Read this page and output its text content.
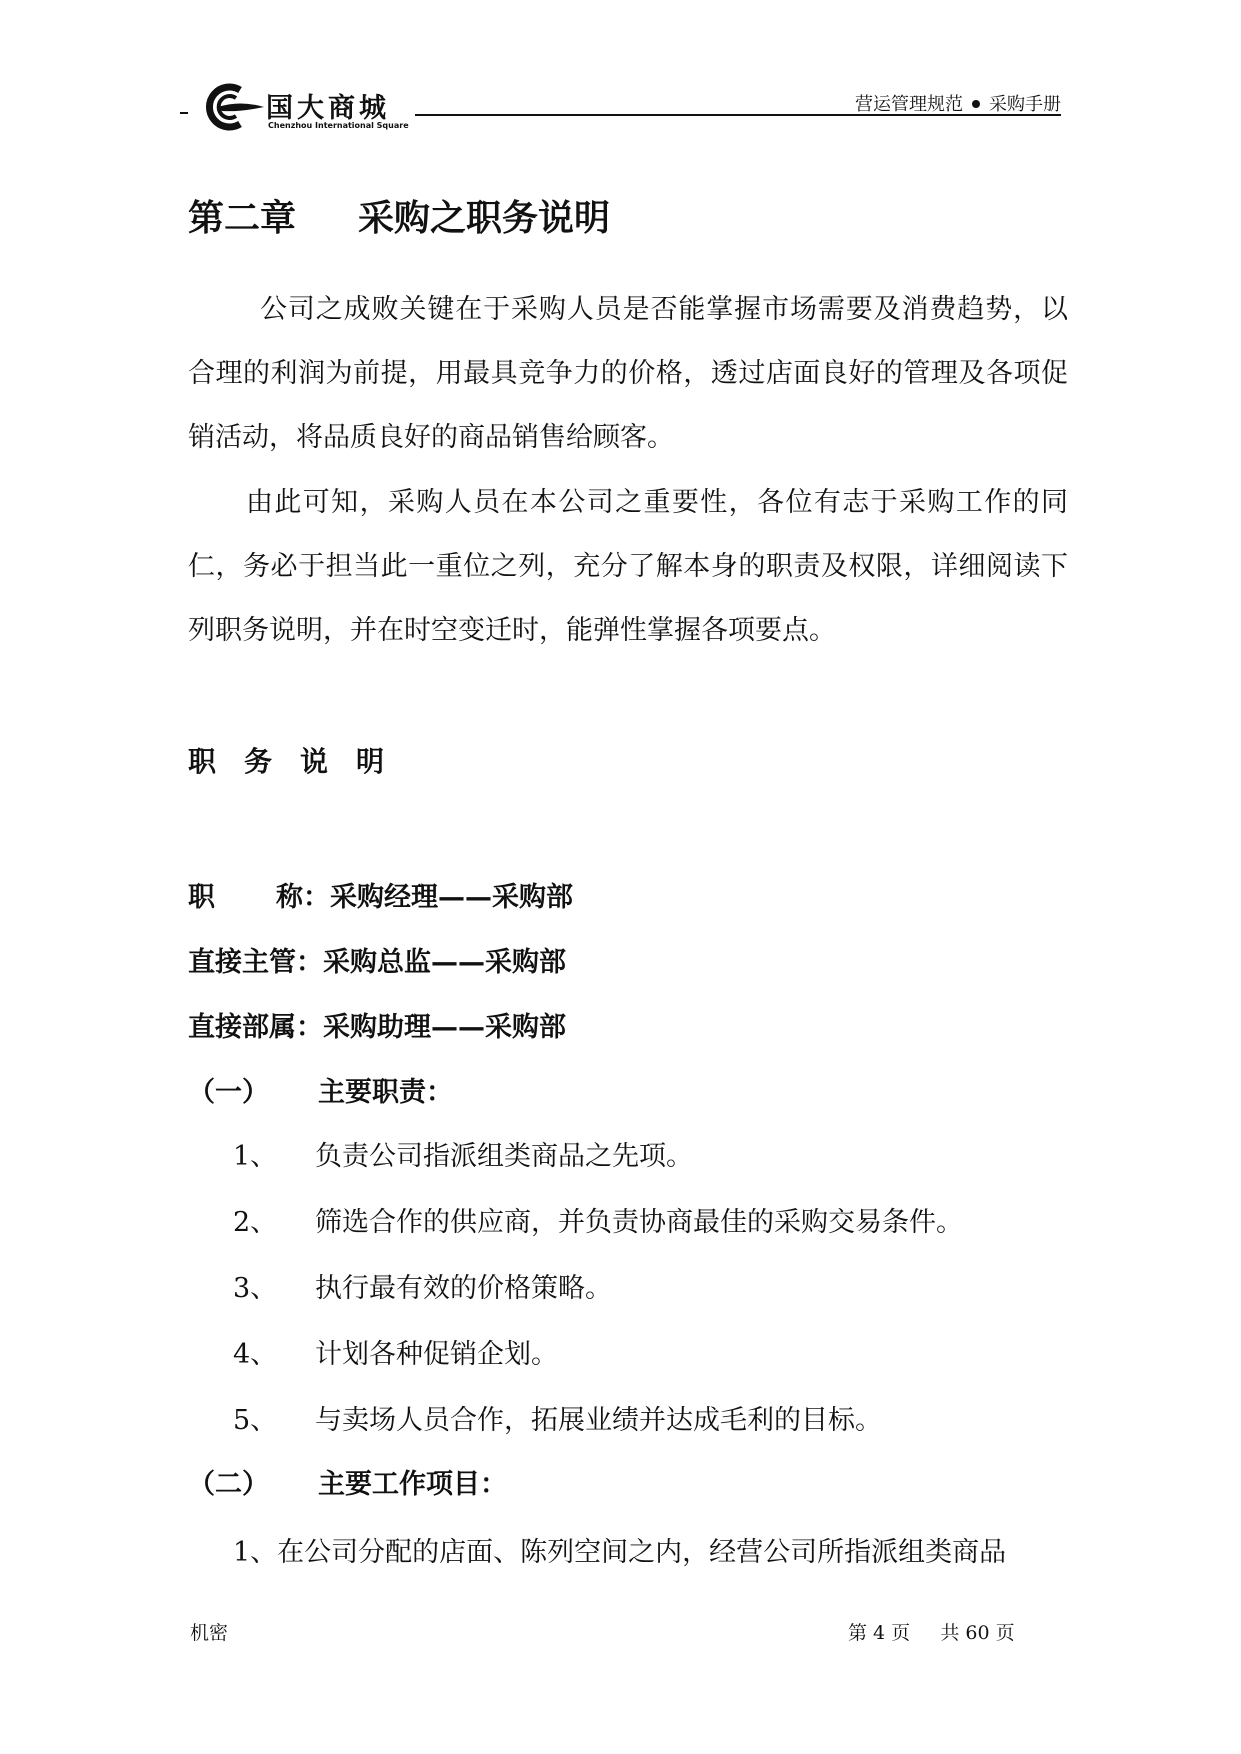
国大商城
Chenzhou International Square
营运管理规范 采购手册
第二章 采购之职务说明
公司之成败关键在于采购人员是否能掌握市场需要及消费趋势，以合理的利润为前提，用最具竞争力的价格，透过店面良好的管理及各项促销活动，将品质良好的商品销售给顾客。
由此可知，采购人员在本公司之重要性，各位有志于采购工作的同仁，务必于担当此一重位之列，充分了解本身的职责及权限，详细阅读下列职务说明，并在时空变迁时，能弹性掌握各项要点。
职务说明
职 称：采购经理——采购部
直接主管：采购总监——采购部
直接部属：采购助理——采购部
（一） 主要职责：
1、 负责公司指派组类商品之先项。
2、 筛选合作的供应商，并负责协商最佳的采购交易条件。
3、 执行最有效的价格策略。
4、 计划各种促销企划。
5、 与卖场人员合作，拓展业绩并达成毛利的目标。
（二） 主要工作项目：
1、在公司分配的店面、陈列空间之内，经营公司所指派组类商品
机密	第 4 页 共 60 页
